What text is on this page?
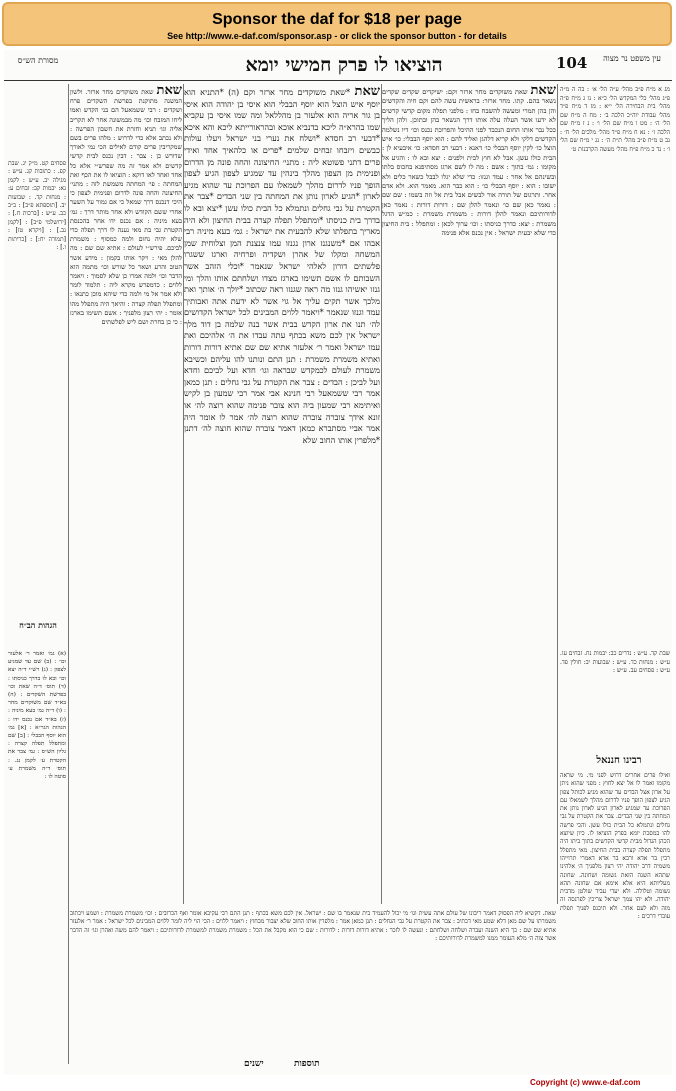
Sponsor the daf for $18 per page
See http://www.e-daf.com/sponsor.asp - or click the sponsor button - for details
מסורת הש״ס	הוציאו לו פרק חמישי יומא	104	עין משפט נר מצוה

מג א מ״ח פ״ב מהל׳ ע״ה הל׳ א׳ : בה ה מ״ה פ״ג מהל׳ כלי המקדש הל׳ כ״א : נו ג מ״ח פ״ה מהל׳ בית הבחירה הל׳ י״א : מז ד מ״ח פ״ד מהל׳ עבודת יוה״כ הלכה ב׳ : מח ה מ״ח שם הל׳ ה׳ : מט ו מ״ח שם הל׳ ו׳ : נ ז מ״ח שם הלכה ז׳ : נא ח מ״ח פ״ד מהל׳ מלכים הל׳ ח׳ : נב ט מ״ח פ״ב מהל׳ ת״ת ה׳ : נג י מ״ח שם הל׳ ו׳ : נד כ מ״ח פ״ח מהל׳ מעשה הקרבנות ט׳

שבת קד. ע״ש : נדרים כב: יבמות נח. זבחים עו. ע״ש : מנחות כד. ע״ש : שבועות יב: חולין פד. ע״ש : פסחים עב. ע״ש :

רבינו חננאל

ואילו פרים אחרים דרוש לפני מי. מי שראה מקומו ואמר לו אל יצא לחוץ : מפני שהוא ניתן על ארון אצל הבדים עד שהוא מגיע לכותל צפון הגיע לצפון הופך פניו לדרום מהלך לשמאלו עם הפרוכת עד שמגיע לארון הגיע לארון נותן את המחתה בין שני הבדים. צבר את הקטרת על גבי גחלים ונתמלא כל הבית כולו עשן. והכי פרשה להו במסכת יומא בפרק הוציאו לו. כיון שיוצא הכהן הגדול מבית קדשי הקדשים בתוך ביתו היה מתפלל תפלה קצרה בבית החיצון. מאי מתפלל רבין בר אדא ורבא בר אדא דאמרי תרוייהו משמיה דרב יהודה יהי רצון מלפניך ה׳ אלהינו שתהא השנה הזאת גשומה ושחונה. שחונה מעליותא היא אלא אימא אם שחונה תהא גשומה וטלולה. ולא יעדי עביד שולטן מדבית יהודה. ולא יהו עמך ישראל צריכין לפרנסה זה מזה ולא לעם אחר. ולא תיכנס לפניך תפלת עוברי דרכים :

שאת שאת משוקדים מחר ארזר וקם: ישיקדים שקדים שקדים נשאר בהם. קתו. מחר ארזר: בראשית עשה להם וקם חיה והקדשים והן בהן תמרי ומעשה להשבח בחו : מלפני תפלה מקום קדשי קדשים לא ידעו אשר העלה עלה אותו דרך הנשאר בהן ובתוכן. ולהן הליך ככל נבר אותו החום הנכבד לפני ההיכל והפרוכת נכנס וכו׳ דיו נשלמה הקדשים דלקי ולא קריא דלהגן ואליד להם : הוא יוסף הבבלי: כו׳ איש הוצל כו׳ לקין יוסף הבבלי כו׳ דאנא : דבעי רב חסדא: כו׳ איבעיא לן : הבית כולו עשן. אבל לא חוץ לבית ולפנים : יצא ובא לו : והגיע אל מקומו : גמ׳ בתוך : אשם : מה לו לשם ארגז מסתיפנא בחכוס בלתו ובשינהם אל אחר : עמד וגנזו: כדי שלא יגלו לבבל כשאר כלים ולא ישובו : הוא : יוסף הבבלי כו׳ : הוא כבר הוא. מאמר הוא. ולא אדם אחר. ותרגום של תורה אור לבשים אבל בית אל וזה בשמו : שם שם : נאמר כאן שם כו׳ ונאמר להלן שם : דורות דורות : נאמר כאן לדורותיכם ונאמר להלן דורות : משמרת משמרת : כמ״ש הדגל משמרת : יצא: כדרך כניסתו : וכו׳ ערוך לכאן : ומתפלל : בית החיצון כדי שלא יבעית ישראל : אין נכנס אלא פנימה

שאת *שאת משוקדים מחר ארזר וקם (ה) *התניא הוא יוסף איש הוצל הוא יוסף הבבלי הוא איסי בן יהודה הוא איסי בן גור אריה הוא אלעזר בן מהללאל ומה שמו איסי בן עקביא שמו בהרא״ה ליכא בדנביא אוכא ובהראורייתא ליכא והא איכא *דבעי רב חסדא *ושלח את נערי בני ישראל ויעלו עולות כבשים ויזבחו זבחים שלמים *פרים או כלהאיך אחד ואידי פרים דתני פשוטא ליה : מתני׳ החיצונה והחה פונה מן הדרום ופנימית מן הצפון מהלך בינהין עד שמגיע לצפון הגיע לצפון הופך פניו לדרום מהלך לשמאלו עם הפרוכת עד שהוא מגיע לארון *הגיע לארון נותן את המחתה בין שני הבדים *צבר את הקטרת על גבי גחלים ונתמלא כל הבית כולו עשן *יצא ובא לו בדרך בית כניסתו *ומתפלל תפלה קצרה בבית החיצון ולא היה מאריך בתפלתו שלא להבעית את ישראל : גמ׳ בעא מיניה רבי אבהו אם *משנגנז ארון נגנזו עמו צנצנת המן וצלוחית שמן המשחה ומקלו של אהרן ושקדיה ופרחיה וארגז ששגרו פלשתים דורון לאלהי ישראל שנאמר *וכלי הזהב אשר השבותם לו אשם תשימו בארגז מצדו ושלחתם אותו והלך ומי גנזו יאשיהו גנזו מה ראה שגנזו ראה שכתוב *יולך ה׳ אותך ואת מלכך אשר תקים עליך אל גוי אשר לא ידעת אתה ואבותיך עמד וגנזו שנאמר *ויאמר ללוים המבינים לכל ישראל הקדושים לה׳ תנו את ארון הקדש בבית אשר בנה שלמה בן דוד מלך ישראל אין לכם משא בכתף עתה עבדו את ה׳ אלהיכם ואת עמו ישראל ואמר ר׳ אלעזר אתיא שם שם אתיא דורות דורות ואתיא משמרת משמרת : תנן התם ונותנו להו עליהם וכשיבא משמרת לעולם לכמקדש שבראה וגו׳ חדא ועל לביכם וחדא ועל לביכן : הבדים : צבר את הקטרת על גבי גחלים : תנן כמאן אמר רבי ששמאעל רבי חנינא אבי אמר רבי שמעון בן לקיש ואיתימא רבי שמעון ביה הוא צובר פנימה שהוא רוצה לה׳ או זונא אידך צוברה צוברה שהוא רוצה לה׳ אמר לו אומר היה אמר אביי מסתברא כמאן דאמר צוברה שהוא חוצה לה׳ דתנן *מלפרין אותו החוב שלא

שאת שאת משוקדים מחר ארזר. ולשון המשנה מתוקנת בפרשת השקדים פרח ושקדים : רבי ששמאעל הם בני הקדש ואמו ליחו המזבח וכו׳ מה מבמשונה אחר לא תקריב אליה וגו׳ תניא וחזרת את חשבון הפרשה : ולא נכתב אלא כדי לדרוש : מלהו פרים בשם שמקריבין פרים קודם לאילים הכי נמי לאורך שדורש כן : צבר : דבין נכנס לבית קדשי קדשים ולא אמר זה מה שפרש״י אלא כל אחד ואחד לאו דוקא : הוציאו לו את הכף ואת המחתה : פי׳ המחתה משמשת לזה : מתני׳ החיצונה והחה פונה לדרום ופנימית לצפון כי היכי דנכנס דרך שמאל כי אם גמור על השער אחרי ששם הקודש ולא אחר מותר דרך : גמ׳ בעא מיניה : אם נכנס ידו אחר בהכנסת הקטרת גבי בת מאי נענה לו דרך תפלה כדי שלא יהיה נחום ולמה כמסוף : משמרת לביכם. פירש״י לעולם : אתיא שם שם : מה להלן מאי : ויקר אותו בקמון : מידע אשר הטוב והרע ושאר כל שורש וכו׳ מתמה הוא הדבר וכו׳ ולמה אמרו כן שלא לסמוך : ויאמר ללוים : כדמפרש מקרא ליה : תלמוד לומר ולא אמר אל מי ולמה כדי שיהא מוכן כתנאו : ומתפלל תפלה קצרה : והיאך היה מתפלל מהו אומר : יהי רצון מלפניך : אשם תשימו בארגז : כי כן בחרת ושם ליש לפלשתים

פסחים קט. מ״ק יג. שבת קפ. : כתובות קג. ע״ש : מגילה יב. ע״ש : לקמן נא: יבמות קב: זבחים ע: : מנחות קד. : שבועות יב. [תוספתא פ״ב] : ב״ב כב. ע״ש : [ברכות ח.] : [ירושלמי פ״ב] : [לקמן נב.] : [ויקרא טז] : [תמורה יח:] : [כריתות ו.] :

הגהות הב״ח

(א) גמ׳ ואמר ר׳ אלעזר וכו׳ : (ב) שם עד שמגיע לצפון : (ג) רש״י ד״ה יצא וכו׳ ובא לו בדרך כניסתו : (ד) תוס׳ ד״ה שאת וכו׳ בפרשת השקדים : (ה) בא״ד שם משוקדים מחר : (ו) ד״ה גמ׳ בעא מיניה : (ז) בא״ד אם נכנס ידו : הגהות הגר״א : [א] גמ׳ הוא יוסף הבבלי : [ב] שם ומתפלל תפלה קצרה : גליון הש״ס : גמ׳ צבר את הקטרת ע׳ לקמן נג. : תוס׳ ד״ה משמרת ע׳ סוטה לו :

שאת. דקשיא ליה הפסוק דאמר ריבונו של עולם אתה עשית וגו׳ מי יכול להעמיד בית שנאמר בו שם : ישראל. אין לכם משא בכתף : תנן התם רבי עקיבא אומר ואף הכרובים : וכו׳ משמרת משמרת : ושמע ויכתוב משמרתו על שם מאן דלא שמע מאי דכתיב : צבר את הקטרת על גבי הגחלים : תנן כמאן אמר : מלפרין אותו החוב שלא יצבור מבחוץ : ויאמר ללוים : הכי הוי ליה לומר ללוים המבינים לכל ישראל : אמר ר׳ אלעזר אתיא שם שם : כך היא השנה ועברה ושלחה ושלחתם : ונעשה לו לזכר : אתיא דורות דורות : לדורות : שם כי הוא מקבל את הכל : משמרת משמרת למשמרת לדורותיכם : ויאמר להם משה ואהרן וגו׳ זה הדבר אשר צוה ה׳ מלא העומר ממנו למשמרת לדורותיכם :

תוספות
ישנים
Copyright (c) www.e-daf.com
